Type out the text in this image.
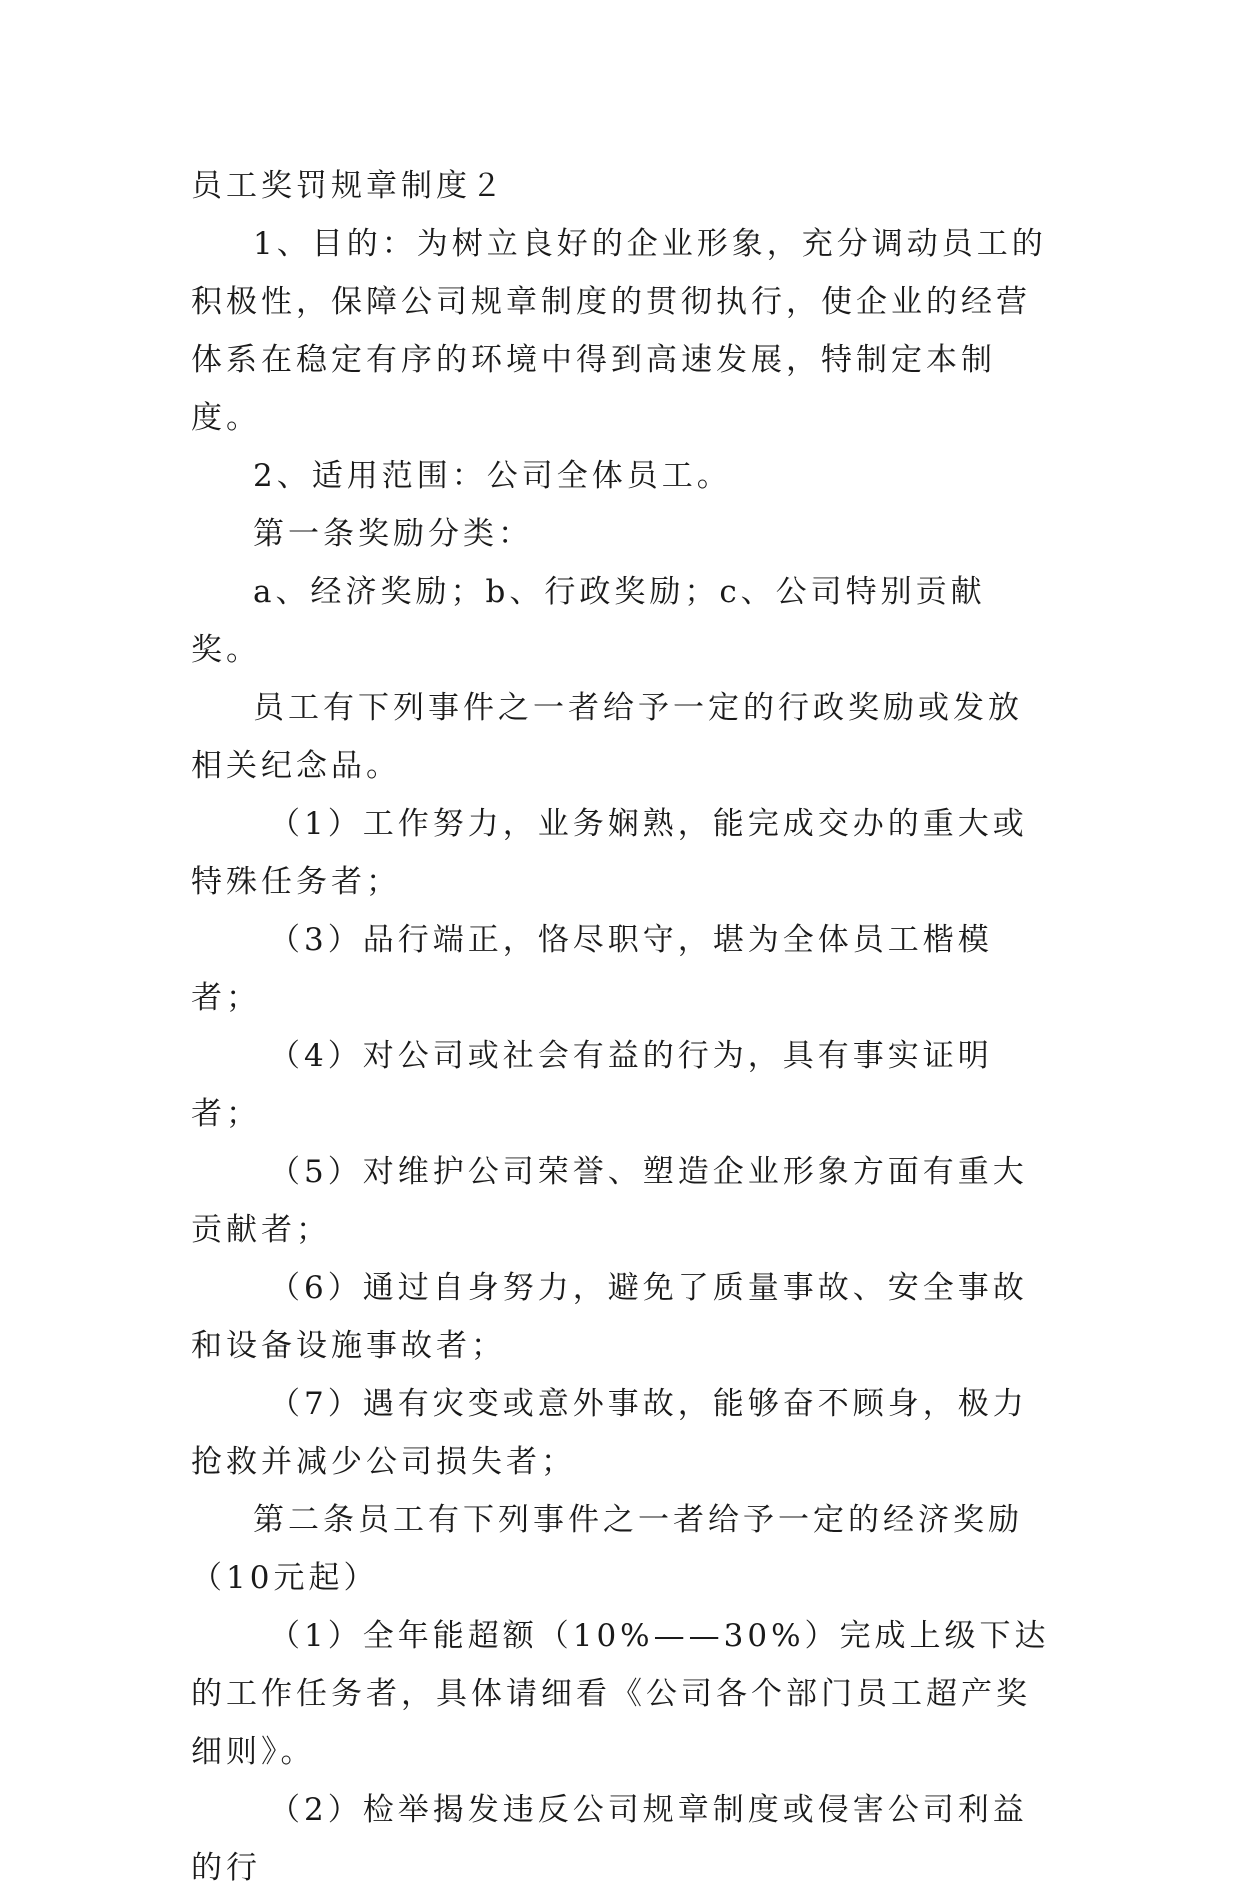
员工奖罚规章制度２

1、目的：为树立良好的企业形象，充分调动员工的积极性，保障公司规章制度的贯彻执行，使企业的经营体系在稳定有序的环境中得到高速发展，特制定本制度。

2、适用范围：公司全体员工。

第一条奖励分类：

a、经济奖励；b、行政奖励；c、公司特别贡献奖。

员工有下列事件之一者给予一定的行政奖励或发放相关纪念品。

（1）工作努力，业务娴熟，能完成交办的重大或特殊任务者；

（3）品行端正，恪尽职守，堪为全体员工楷模者；

（4）对公司或社会有益的行为，具有事实证明者；

（5）对维护公司荣誉、塑造企业形象方面有重大贡献者；

（6）通过自身努力，避免了质量事故、安全事故和设备设施事故者；

（7）遇有灾变或意外事故，能够奋不顾身，极力抢救并减少公司损失者；

第二条员工有下列事件之一者给予一定的经济奖励（10元起）

（1）全年能超额（10%——30%）完成上级下达的工作任务者，具体请细看《公司各个部门员工超产奖细则》。

（2）检举揭发违反公司规章制度或侵害公司利益的行
